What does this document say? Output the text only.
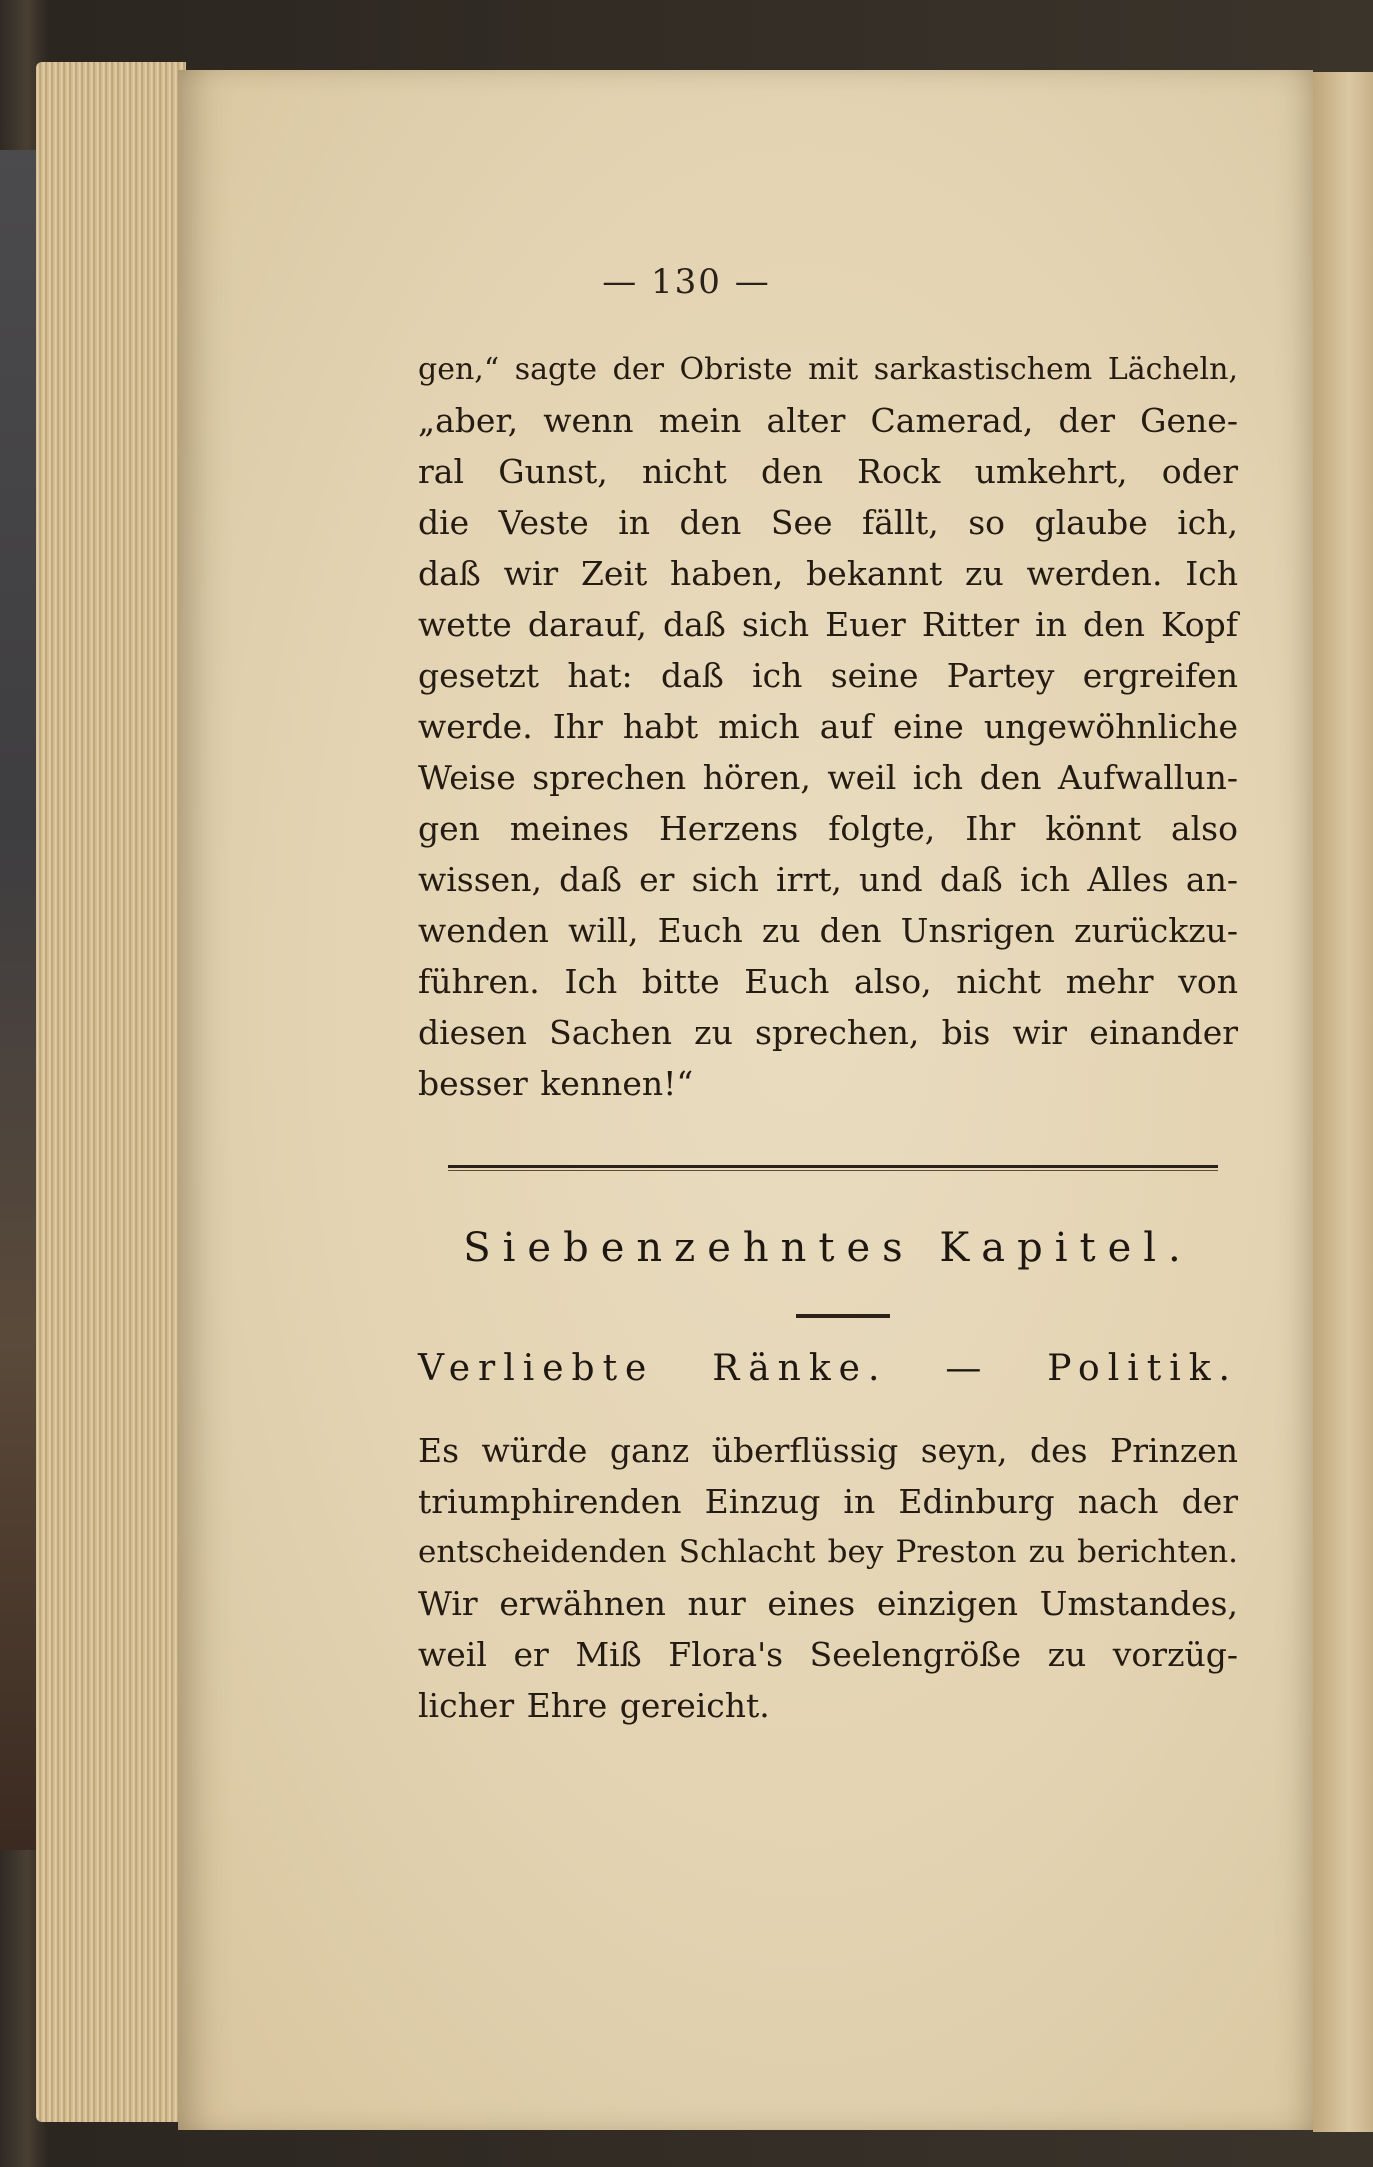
— 130 —
gen,“ sagte der Obriste mit sarkastischem Lächeln,
„aber, wenn mein alter Camerad, der Gene-
ral Gunst, nicht den Rock umkehrt, oder
die Veste in den See fällt, so glaube ich,
daß wir Zeit haben, bekannt zu werden. Ich
wette darauf, daß sich Euer Ritter in den Kopf
gesetzt hat: daß ich seine Partey ergreifen
werde. Ihr habt mich auf eine ungewöhnliche
Weise sprechen hören, weil ich den Aufwallun-
gen meines Herzens folgte, Ihr könnt also
wissen, daß er sich irrt, und daß ich Alles an-
wenden will, Euch zu den Unsrigen zurückzu-
führen. Ich bitte Euch also, nicht mehr von
diesen Sachen zu sprechen, bis wir einander
besser kennen!“
Siebenzehntes Kapitel.
Verliebte Ränke. — Politik.
Es würde ganz überflüssig seyn, des Prinzen
triumphirenden Einzug in Edinburg nach der
entscheidenden Schlacht bey Preston zu berichten.
Wir erwähnen nur eines einzigen Umstandes,
weil er Miß Flora's Seelengröße zu vorzüg-
licher Ehre gereicht.
